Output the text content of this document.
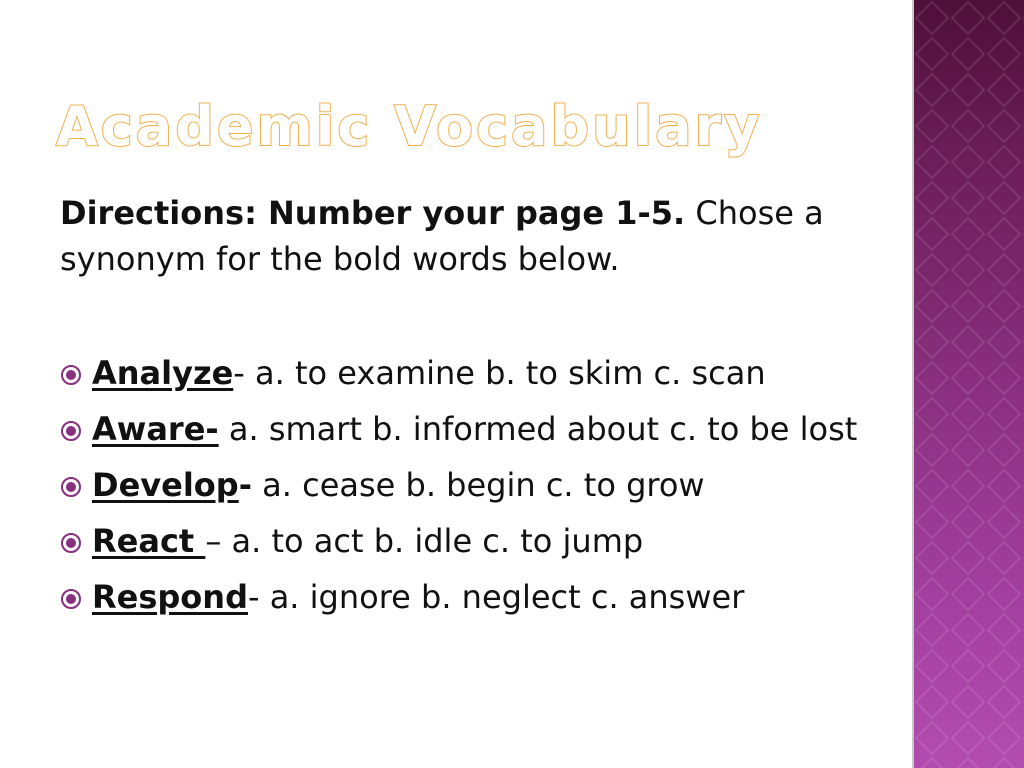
Academic Vocabulary

Directions: Number your page 1-5. Chose a synonym for the bold words below.

Analyze- a. to examine b. to skim c. scan
Aware- a. smart b. informed about c. to be lost
Develop- a. cease b. begin c. to grow
React – a. to act b. idle c. to jump
Respond- a. ignore b. neglect c. answer
